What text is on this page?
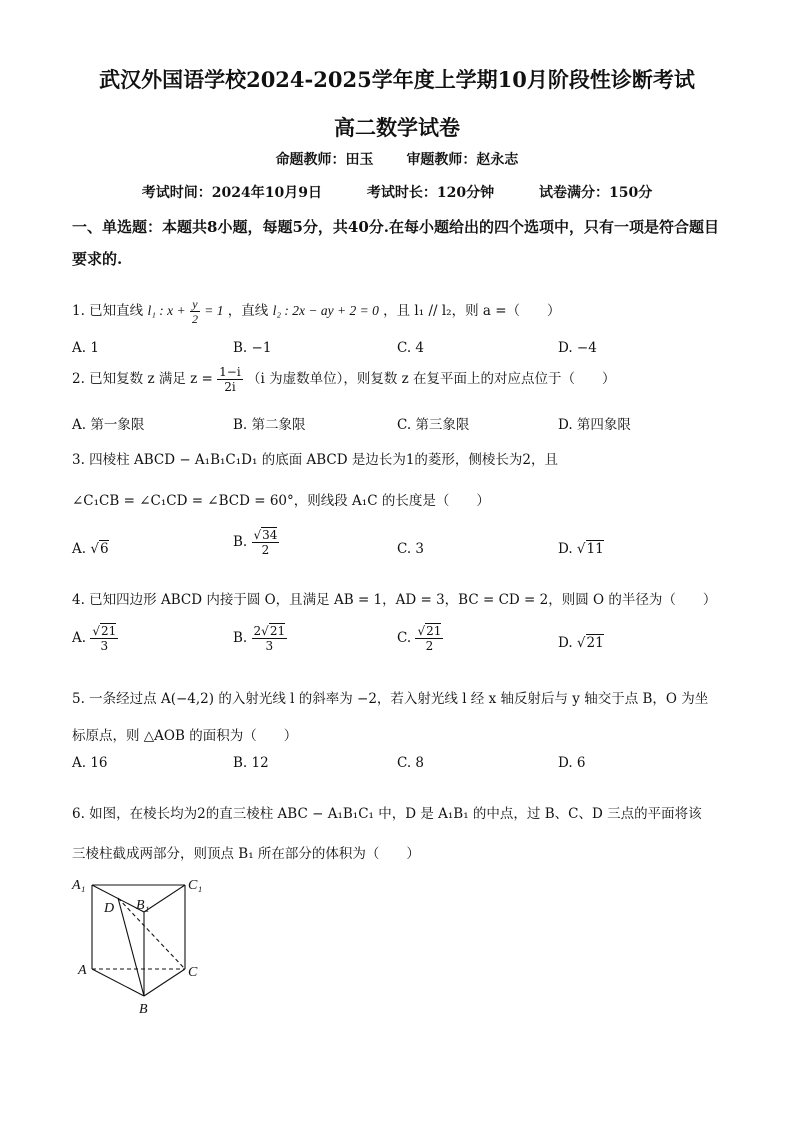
武汉外国语学校2024-2025学年度上学期10月阶段性诊断考试
高二数学试卷
命题教师：田玉 审题教师：赵永志
考试时间：2024年10月9日	考试时长：120分钟	试卷满分：150分
一、单选题：本题共8小题，每题5分，共40分.在每小题给出的四个选项中，只有一项是符合题目要求的.
1. 已知直线 l₁ : $x + \frac{y}{2} = 1$ ，直线 l₂ : 2x − ay + 2 = 0 ，且 l₁ // l₂，则 a =（　　）
A. 1	B. −1	C. 4	D. −4
2. 已知复数 z 满足 $z = \frac{1-i}{2i} (i$ 为虚数单位），则复数 z 在复平面上的对应点位于（　　）
A. 第一象限	B. 第二象限	C. 第三象限	D. 第四象限
3. 四棱柱 ABCD − A₁B₁C₁D₁ 的底面 ABCD 是边长为1的菱形，侧棱长为2，且
∠C₁CB = ∠C₁CD = ∠BCD = 60°，则线段 A₁C 的长度是（　　）
A. √6	B. $\frac{√34}{2}$	C. 3	D. √11
4. 已知四边形 ABCD 内接于圆 O，且满足 AB = 1，AD = 3，BC = CD = 2，则圆 O 的半径为（　　）
A. $\frac{√21}{3}$	B. $\frac{2√21}{3}$	C. $\frac{√21}{2}$	D. √21
5. 一条经过点 A(−4,2) 的入射光线 l 的斜率为 −2，若入射光线 l 经 x 轴反射后与 y 轴交于点 B，O 为坐
标原点，则 △AOB 的面积为（　　）
A. 16	B. 12	C. 8	D. 6
6. 如图，在棱长均为2的直三棱柱 ABC − A₁B₁C₁ 中，D 是 A₁B₁ 的中点，过 B、C、D 三点的平面将该
三棱柱截成两部分，则顶点 B₁ 所在部分的体积为（　　）
A₁	C₁
B₁
D
A	C
B
